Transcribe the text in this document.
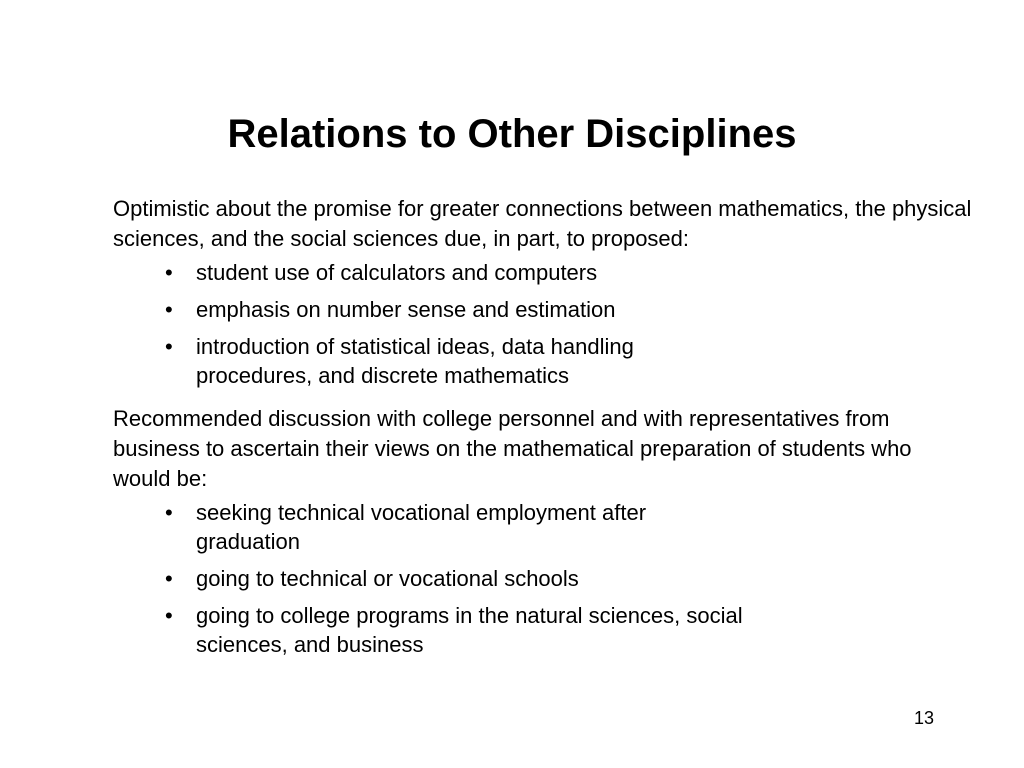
Relations to Other Disciplines

Optimistic about the promise for greater connections between mathematics, the physical sciences, and the social sciences due, in part, to proposed:

• student use of calculators and computers
• emphasis on number sense and estimation
• introduction of statistical ideas, data handling procedures, and discrete mathematics

Recommended discussion with college personnel and with representatives from business to ascertain their views on the mathematical preparation of students who would be:

• seeking technical vocational employment after graduation
• going to technical or vocational schools
• going to college programs in the natural sciences, social sciences, and business
13
